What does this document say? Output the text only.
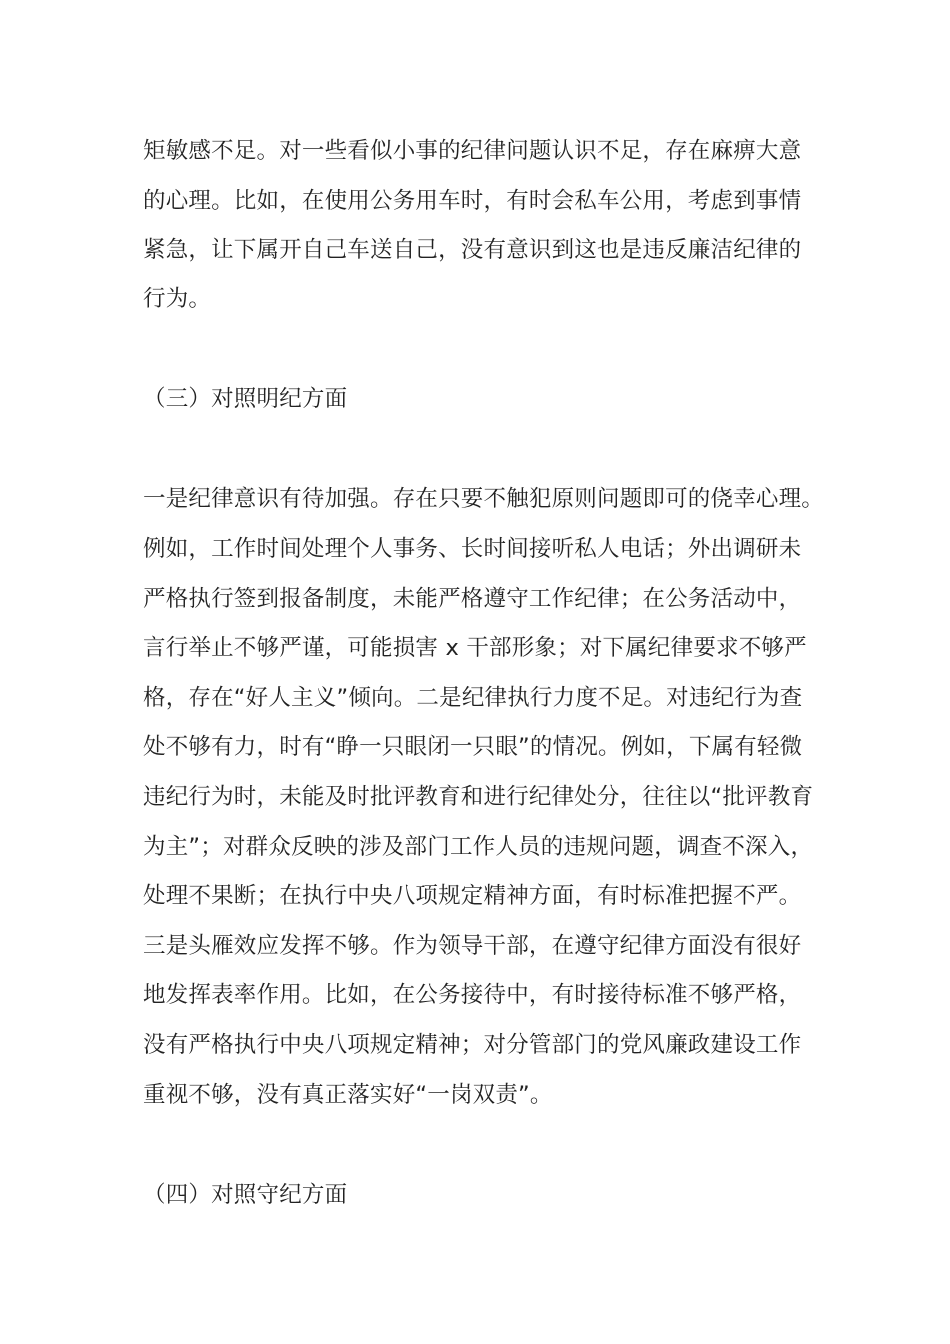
矩敏感不足。对一些看似小事的纪律问题认识不足，存在麻痹大意
的心理。比如，在使用公务用车时，有时会私车公用，考虑到事情
紧急，让下属开自己车送自己，没有意识到这也是违反廉洁纪律的
行为。
（三）对照明纪方面
一是纪律意识有待加强。存在只要不触犯原则问题即可的侥幸心理。
例如，工作时间处理个人事务、长时间接听私人电话；外出调研未
严格执行签到报备制度，未能严格遵守工作纪律；在公务活动中，
言行举止不够严谨，可能损害 x 干部形象；对下属纪律要求不够严
格，存在“好人主义”倾向。二是纪律执行力度不足。对违纪行为查
处不够有力，时有“睁一只眼闭一只眼”的情况。例如，下属有轻微
违纪行为时，未能及时批评教育和进行纪律处分，往往以“批评教育
为主”；对群众反映的涉及部门工作人员的违规问题，调查不深入，
处理不果断；在执行中央八项规定精神方面，有时标准把握不严。
三是头雁效应发挥不够。作为领导干部，在遵守纪律方面没有很好
地发挥表率作用。比如，在公务接待中，有时接待标准不够严格，
没有严格执行中央八项规定精神；对分管部门的党风廉政建设工作
重视不够，没有真正落实好“一岗双责”。
（四）对照守纪方面
